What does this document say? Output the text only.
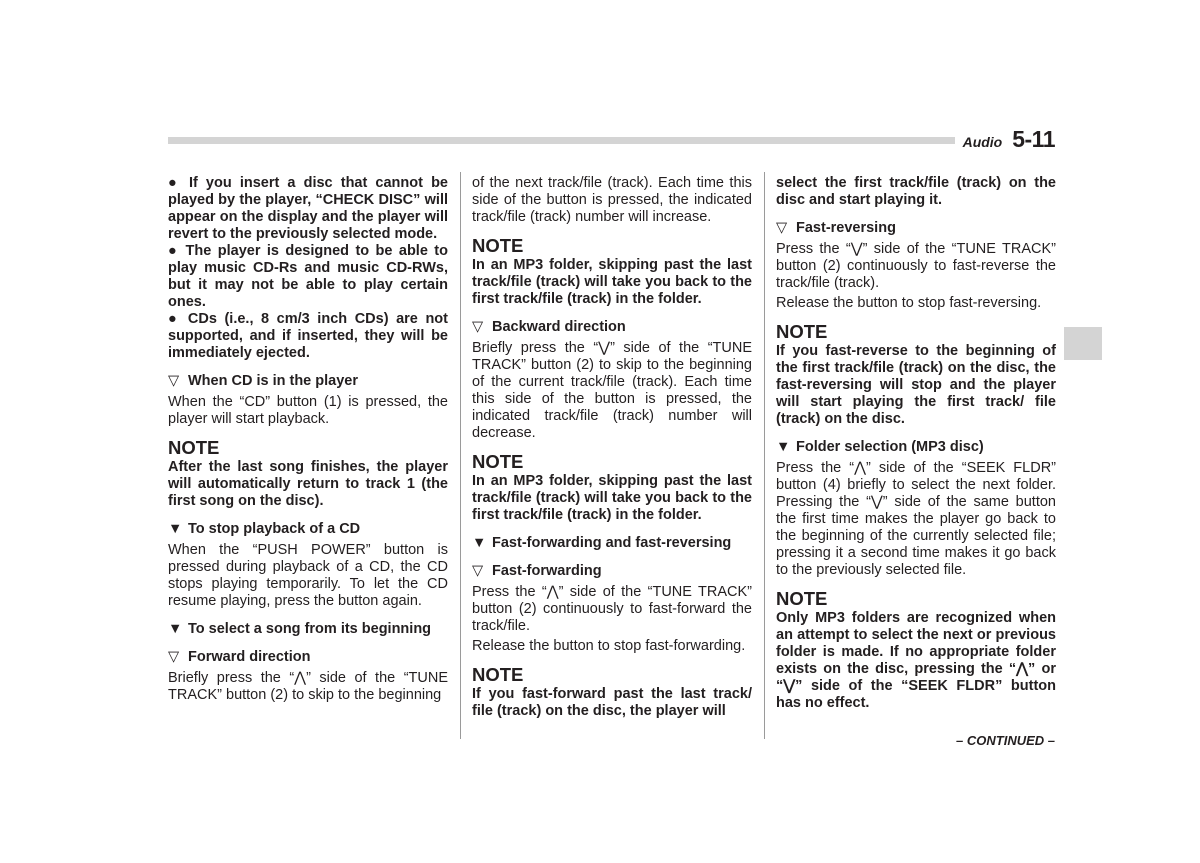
Audio 5-11

● If you insert a disc that cannot be played by the player, “CHECK DISC” will appear on the display and the player will revert to the previously selected mode.

● The player is designed to be able to play music CD-Rs and music CD-RWs, but it may not be able to play certain ones.

● CDs (i.e., 8 cm/3 inch CDs) are not supported, and if inserted, they will be immediately ejected.

▽ When CD is in the player

When the “CD” button (1) is pressed, the player will start playback.

NOTE

After the last song finishes, the player will automatically return to track 1 (the first song on the disc).

▼ To stop playback of a CD

When the “PUSH POWER” button is pressed during playback of a CD, the CD stops playing temporarily. To let the CD resume playing, press the button again.

▼ To select a song from its beginning

▽ Forward direction

Briefly press the “⋀” side of the “TUNE TRACK” button (2) to skip to the beginning

of the next track/file (track). Each time this side of the button is pressed, the indicated track/file (track) number will increase.

NOTE

In an MP3 folder, skipping past the last track/file (track) will take you back to the first track/file (track) in the folder.

▽ Backward direction

Briefly press the “⋁” side of the “TUNE TRACK” button (2) to skip to the beginning of the current track/file (track). Each time this side of the button is pressed, the indicated track/file (track) number will decrease.

NOTE

In an MP3 folder, skipping past the last track/file (track) will take you back to the first track/file (track) in the folder.

▼ Fast-forwarding and fast-reversing

▽ Fast-forwarding

Press the “⋀” side of the “TUNE TRACK” button (2) continuously to fast-forward the track/file.

Release the button to stop fast-forwarding.

NOTE

If you fast-forward past the last track/ file (track) on the disc, the player will

select the first track/file (track) on the disc and start playing it.

▽ Fast-reversing

Press the “⋁” side of the “TUNE TRACK” button (2) continuously to fast-reverse the track/file (track).

Release the button to stop fast-reversing.

NOTE

If you fast-reverse to the beginning of the first track/file (track) on the disc, the fast-reversing will stop and the player will start playing the first track/ file (track) on the disc.

▼ Folder selection (MP3 disc)

Press the “⋀” side of the “SEEK FLDR” button (4) briefly to select the next folder. Pressing the “⋁” side of the same button the first time makes the player go back to the beginning of the currently selected file; pressing it a second time makes it go back to the previously selected file.

NOTE

Only MP3 folders are recognized when an attempt to select the next or previous folder is made. If no appropriate folder exists on the disc, pressing the “⋀” or “⋁” side of the “SEEK FLDR” button has no effect.

– CONTINUED –
